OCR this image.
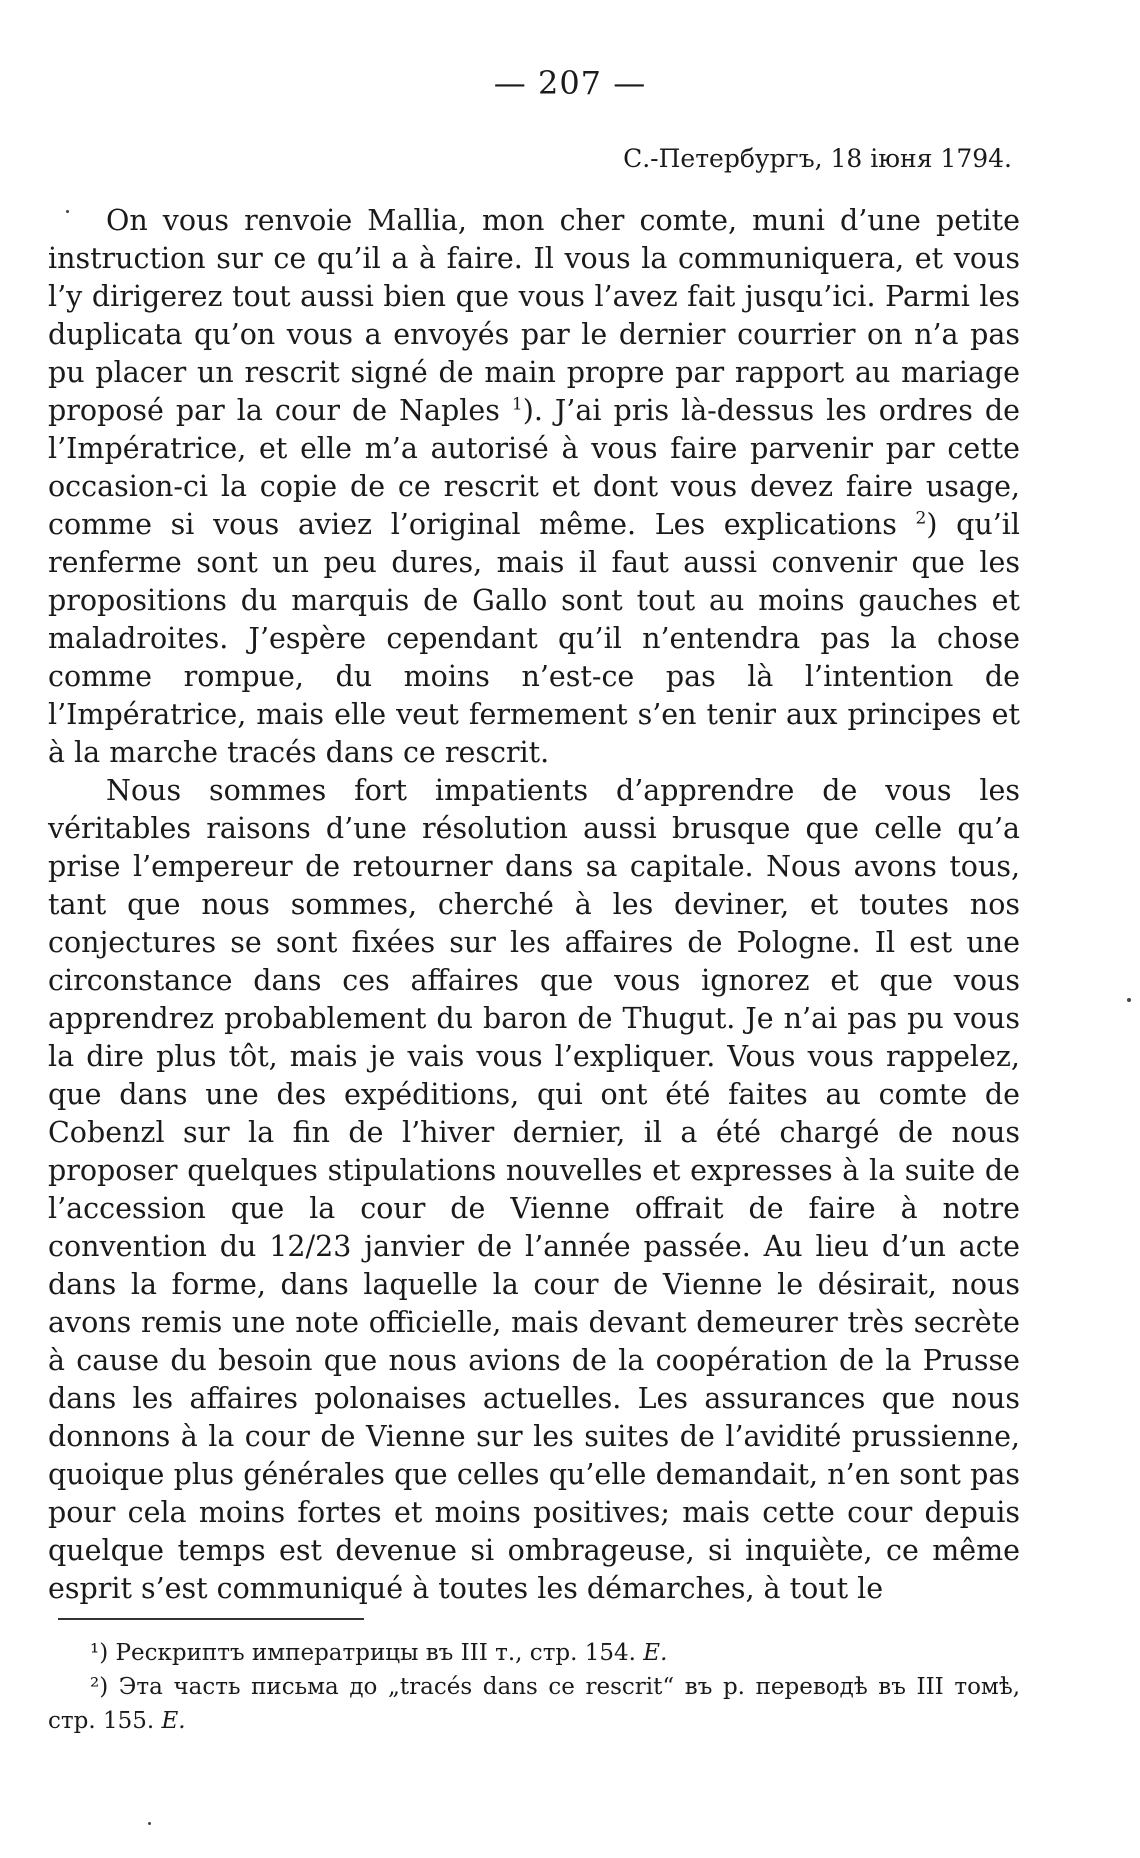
— 207 —
С.-Петербургъ, 18 іюня 1794.

On vous renvoie Mallia, mon cher comte, muni d’une petite instruction sur ce qu’il a à faire. Il vous la communiquera, et vous l’y dirigerez tout aussi bien que vous l’avez fait jusqu’ici. Parmi les duplicata qu’on vous a envoyés par le dernier courrier on n’a pas pu placer un rescrit signé de main propre par rapport au mariage proposé par la cour de Naples $^1$). J’ai pris là-dessus les ordres de l’Impératrice, et elle m’a autorisé à vous faire parvenir par cette occasion-ci la copie de ce rescrit et dont vous devez faire usage, comme si vous aviez l’original même. Les explications $^2$) qu’il renferme sont un peu dures, mais il faut aussi convenir que les propositions du marquis de Gallo sont tout au moins gauches et maladroites. J’espère cependant qu’il n’entendra pas la chose comme rompue, du moins n’est-ce pas là l’intention de l’Impératrice, mais elle veut fermement s’en tenir aux principes et à la marche tracés dans ce rescrit.

Nous sommes fort impatients d’apprendre de vous les véritables raisons d’une résolution aussi brusque que celle qu’a prise l’empereur de retourner dans sa capitale. Nous avons tous, tant que nous sommes, cherché à les deviner, et toutes nos conjectures se sont fixées sur les affaires de Pologne. Il est une circonstance dans ces affaires que vous ignorez et que vous apprendrez probablement du baron de Thugut. Je n’ai pas pu vous la dire plus tôt, mais je vais vous l’expliquer. Vous vous rappelez, que dans une des expéditions, qui ont été faites au comte de Cobenzl sur la fin de l’hiver dernier, il a été chargé de nous proposer quelques stipulations nouvelles et expresses à la suite de l’accession que la cour de Vienne offrait de faire à notre convention du 12/23 janvier de l’année passée. Au lieu d’un acte dans la forme, dans laquelle la cour de Vienne le désirait, nous avons remis une note officielle, mais devant demeurer très secrète à cause du besoin que nous avions de la coopération de la Prusse dans les affaires polonaises actuelles. Les assurances que nous donnons à la cour de Vienne sur les suites de l’avidité prussienne, quoique plus générales que celles qu’elle demandait, n’en sont pas pour cela moins fortes et moins positives; mais cette cour depuis quelque temps est devenue si ombrageuse, si inquiète, ce même esprit s’est communiqué à toutes les démarches, à tout le

¹) Рескриптъ императрицы въ III т., стр. 154. Е.

²) Эта часть письма до „tracés dans ce rescrit“ въ р. переводѣ въ III томѣ, стр. 155. Е.
